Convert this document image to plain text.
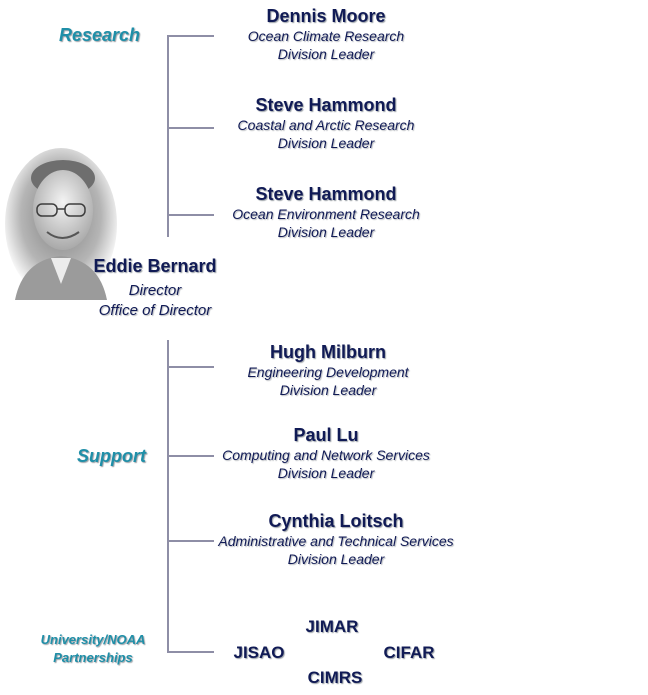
Research
Support
University/NOAA
Partnerships
Dennis Moore
Ocean Climate Research
Division Leader
Steve Hammond
Coastal and Arctic Research
Division Leader
Steve Hammond
Ocean Environment Research
Division Leader
Eddie Bernard
Director
Office of Director
Hugh Milburn
Engineering Development
Division Leader
Paul Lu
Computing and Network Services
Division Leader
Cynthia Loitsch
Administrative and Technical Services
Division Leader
JIMAR
JISAO	CIFAR
CIMRS
